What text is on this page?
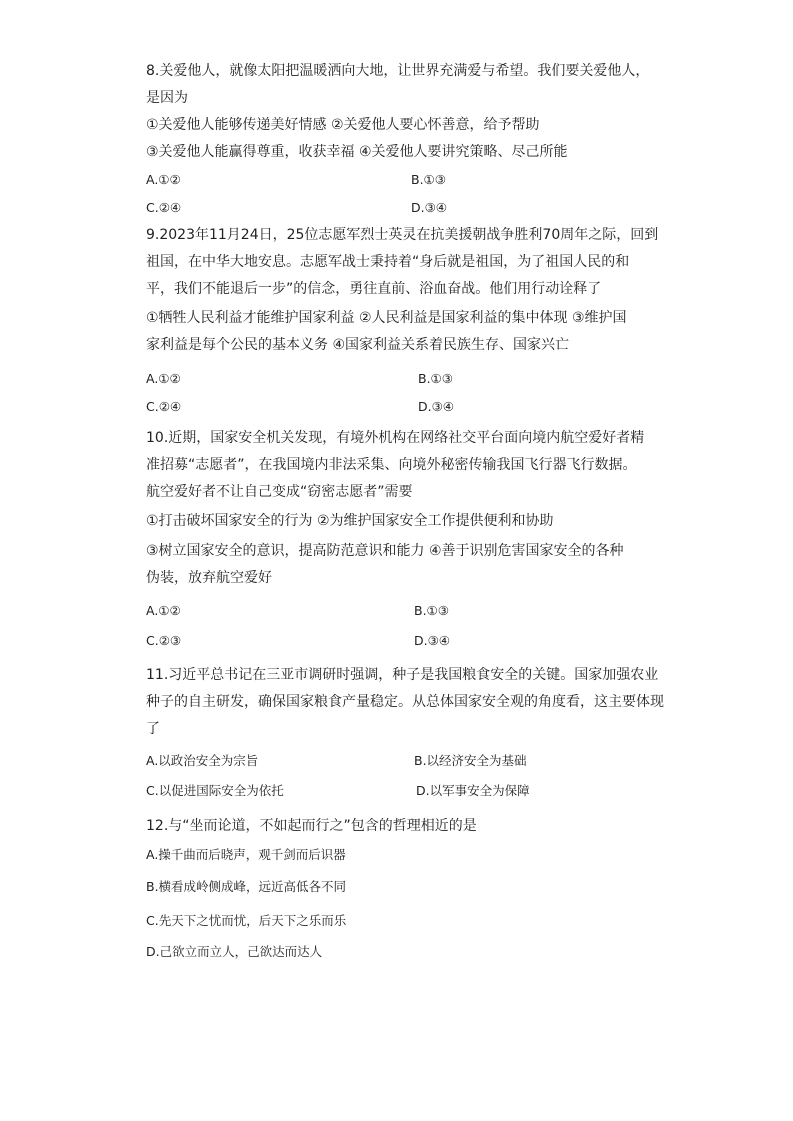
8.关爱他人，就像太阳把温暖洒向大地，让世界充满爱与希望。我们要关爱他人，
是因为
①关爱他人能够传递美好情感 ②关爱他人要心怀善意，给予帮助
③关爱他人能赢得尊重，收获幸福 ④关爱他人要讲究策略、尽己所能
A.①②	B.①③
C.②④	D.③④
9.2023年11月24日，25位志愿军烈士英灵在抗美援朝战争胜利70周年之际，回到
祖国，在中华大地安息。志愿军战士秉持着“身后就是祖国，为了祖国人民的和
平，我们不能退后一步”的信念，勇往直前、浴血奋战。他们用行动诠释了
①牺牲人民利益才能维护国家利益 ②人民利益是国家利益的集中体现 ③维护国
家利益是每个公民的基本义务 ④国家利益关系着民族生存、国家兴亡
A.①②	B.①③
C.②④	D.③④
10.近期，国家安全机关发现，有境外机构在网络社交平台面向境内航空爱好者精
准招募“志愿者”，在我国境内非法采集、向境外秘密传输我国飞行器飞行数据。
航空爱好者不让自己变成“窃密志愿者”需要
①打击破坏国家安全的行为 ②为维护国家安全工作提供便利和协助
③树立国家安全的意识，提高防范意识和能力 ④善于识别危害国家安全的各种
伪装，放弃航空爱好
A.①②	B.①③
C.②③	D.③④
11.习近平总书记在三亚市调研时强调，种子是我国粮食安全的关键。国家加强农业
种子的自主研发，确保国家粮食产量稳定。从总体国家安全观的角度看，这主要体现
了
A.以政治安全为宗旨	B.以经济安全为基础
C.以促进国际安全为依托	D.以军事安全为保障
12.与“坐而论道，不如起而行之”包含的哲理相近的是
A.操千曲而后晓声，观千剑而后识器
B.横看成岭侧成峰，远近高低各不同
C.先天下之忧而忧，后天下之乐而乐
D.己欲立而立人，己欲达而达人
